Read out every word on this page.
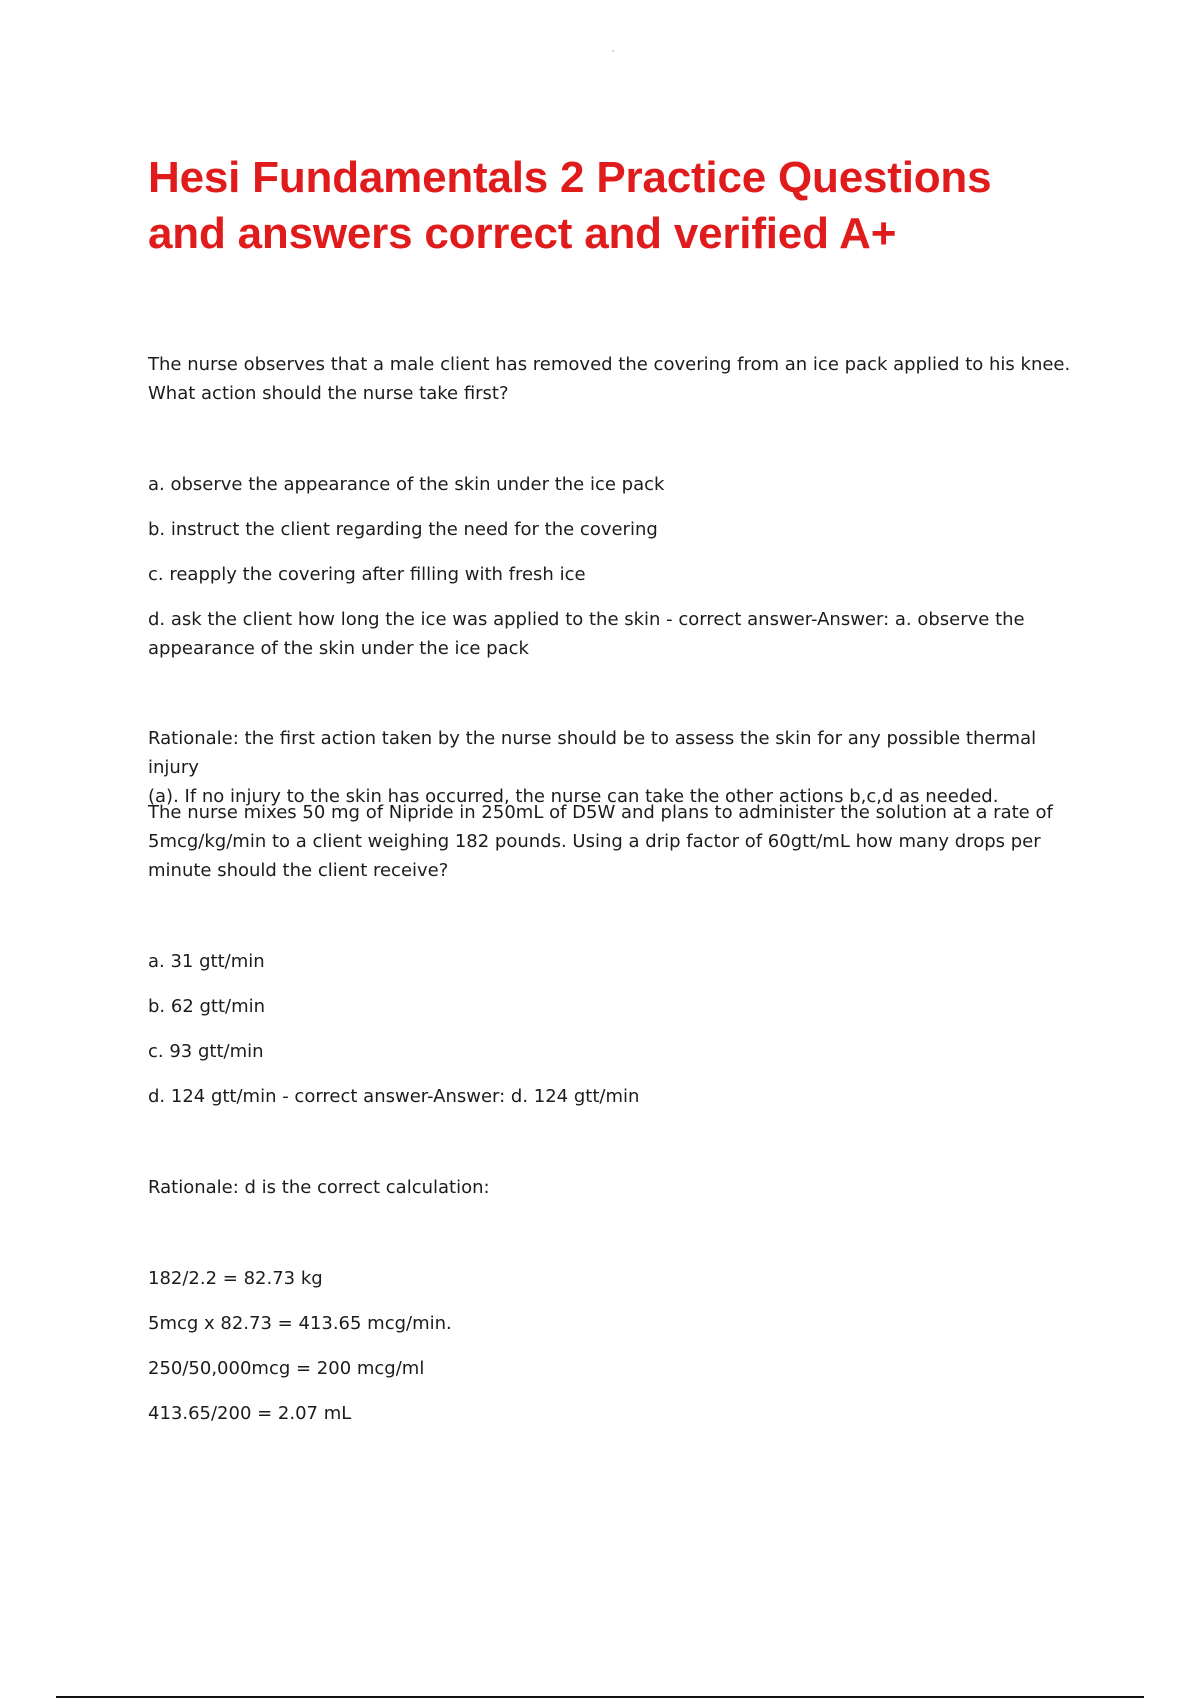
Hesi Fundamentals 2 Practice Questions
and answers correct and verified A+

The nurse observes that a male client has removed the covering from an ice pack applied to his knee.
What action should the nurse take first?

a. observe the appearance of the skin under the ice pack

b. instruct the client regarding the need for the covering

c. reapply the covering after filling with fresh ice

d. ask the client how long the ice was applied to the skin - correct answer-Answer: a. observe the
appearance of the skin under the ice pack

Rationale: the first action taken by the nurse should be to assess the skin for any possible thermal injury
(a). If no injury to the skin has occurred, the nurse can take the other actions b,c,d as needed.

The nurse mixes 50 mg of Nipride in 250mL of D5W and plans to administer the solution at a rate of
5mcg/kg/min to a client weighing 182 pounds. Using a drip factor of 60gtt/mL how many drops per
minute should the client receive?

a. 31 gtt/min

b. 62 gtt/min

c. 93 gtt/min

d. 124 gtt/min - correct answer-Answer: d. 124 gtt/min

Rationale: d is the correct calculation:

182/2.2 = 82.73 kg

5mcg x 82.73 = 413.65 mcg/min.

250/50,000mcg = 200 mcg/ml

413.65/200 = 2.07 mL
